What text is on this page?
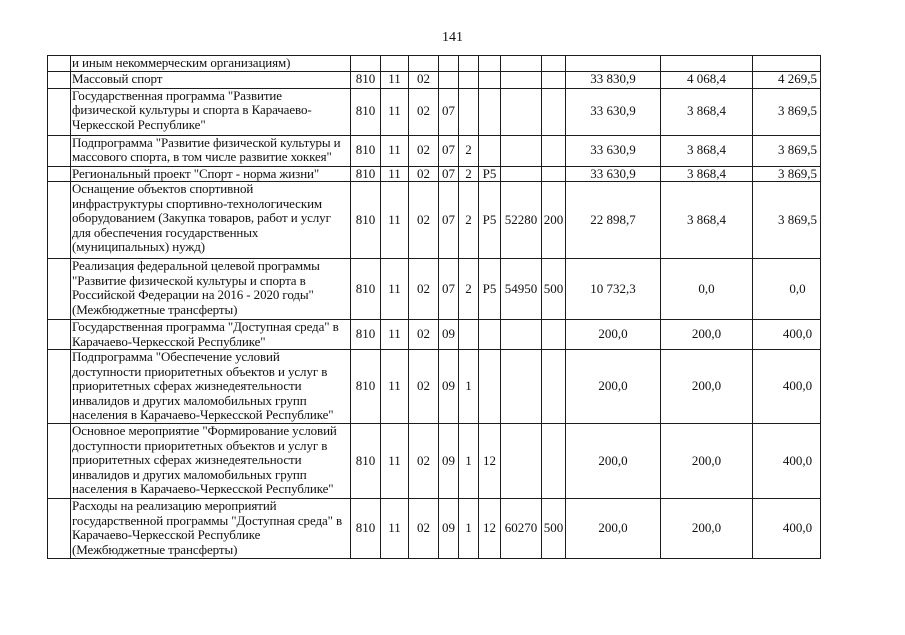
141
	и иным некоммерческим организациям)											
	Массовый спорт	810	11	02						33 830,9	4 068,4	4 269,5
	Государственная программа "Развитие
физической культуры и спорта в Карачаево-
Черкесской Республике"	810	11	02	07					33 630,9	3 868,4	3 869,5
	Подпрограмма "Развитие физической культуры и
массового спорта, в том числе развитие хоккея"	810	11	02	07	2				33 630,9	3 868,4	3 869,5
	Региональный проект "Спорт - норма жизни"	810	11	02	07	2	P5			33 630,9	3 868,4	3 869,5
	Оснащение объектов спортивной
инфраструктуры спортивно-технологическим
оборудованием (Закупка товаров, работ и услуг
для обеспечения государственных
(муниципальных) нужд)	810	11	02	07	2	P5	52280	200	22 898,7	3 868,4	3 869,5
	Реализация федеральной целевой программы
"Развитие физической культуры и спорта в
Российской Федерации на 2016 - 2020 годы"
(Межбюджетные трансферты)	810	11	02	07	2	P5	54950	500	10 732,3	0,0	0,0
	Государственная программа "Доступная среда" в
Карачаево-Черкесской Республике"	810	11	02	09					200,0	200,0	400,0
	Подпрограмма "Обеспечение условий
доступности приоритетных объектов и услуг в
приоритетных сферах жизнедеятельности
инвалидов и других маломобильных групп
населения в Карачаево-Черкесской Республике"	810	11	02	09	1				200,0	200,0	400,0
	Основное мероприятие "Формирование условий
доступности приоритетных объектов и услуг в
приоритетных сферах жизнедеятельности
инвалидов и других маломобильных групп
населения в Карачаево-Черкесской Республике"	810	11	02	09	1	12			200,0	200,0	400,0
	Расходы на реализацию мероприятий
государственной программы "Доступная среда" в
Карачаево-Черкесской Республике
(Межбюджетные трансферты)	810	11	02	09	1	12	60270	500	200,0	200,0	400,0
